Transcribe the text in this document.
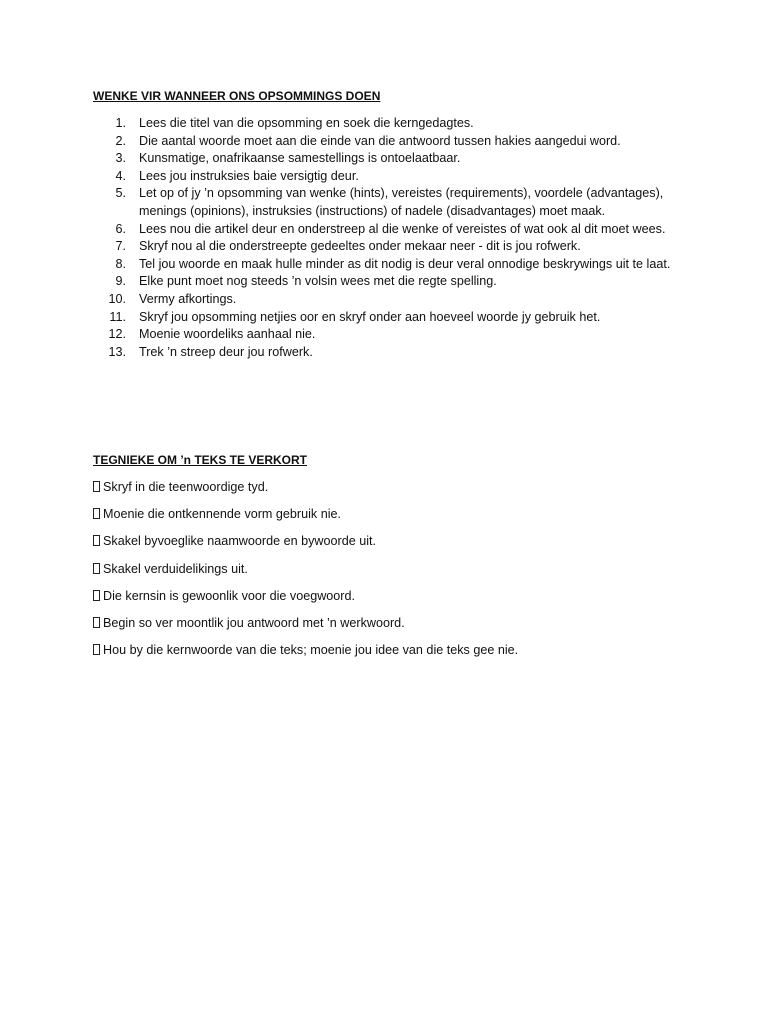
WENKE VIR WANNEER ONS OPSOMMINGS DOEN
1. Lees die titel van die opsomming en soek die kerngedagtes.
2. Die aantal woorde moet aan die einde van die antwoord tussen hakies aangedui word.
3. Kunsmatige, onafrikaanse samestellings is ontoelaatbaar.
4. Lees jou instruksies baie versigtig deur.
5. Let op of jy ’n opsomming van wenke (hints), vereistes (requirements), voordele (advantages), menings (opinions), instruksies (instructions) of nadele (disadvantages) moet maak.
6. Lees nou die artikel deur en onderstreep al die wenke of vereistes of wat ook al dit moet wees.
7. Skryf nou al die onderstreepte gedeeltes onder mekaar neer - dit is jou rofwerk.
8. Tel jou woorde en maak hulle minder as dit nodig is deur veral onnodige beskrywings uit te laat.
9. Elke punt moet nog steeds ’n volsin wees met die regte spelling.
10. Vermy afkortings.
11. Skryf jou opsomming netjies oor en skryf onder aan hoeveel woorde jy gebruik het.
12. Moenie woordeliks aanhaal nie.
13. Trek ’n streep deur jou rofwerk.
TEGNIEKE OM ’n TEKS TE VERKORT
Skryf in die teenwoordige tyd.
Moenie die ontkennende vorm gebruik nie.
Skakel byvoeglike naamwoorde en bywoorde uit.
Skakel verduidelikings uit.
Die kernsin is gewoonlik voor die voegwoord.
Begin so ver moontlik jou antwoord met ’n werkwoord.
Hou by die kernwoorde van die teks; moenie jou idee van die teks gee nie.
